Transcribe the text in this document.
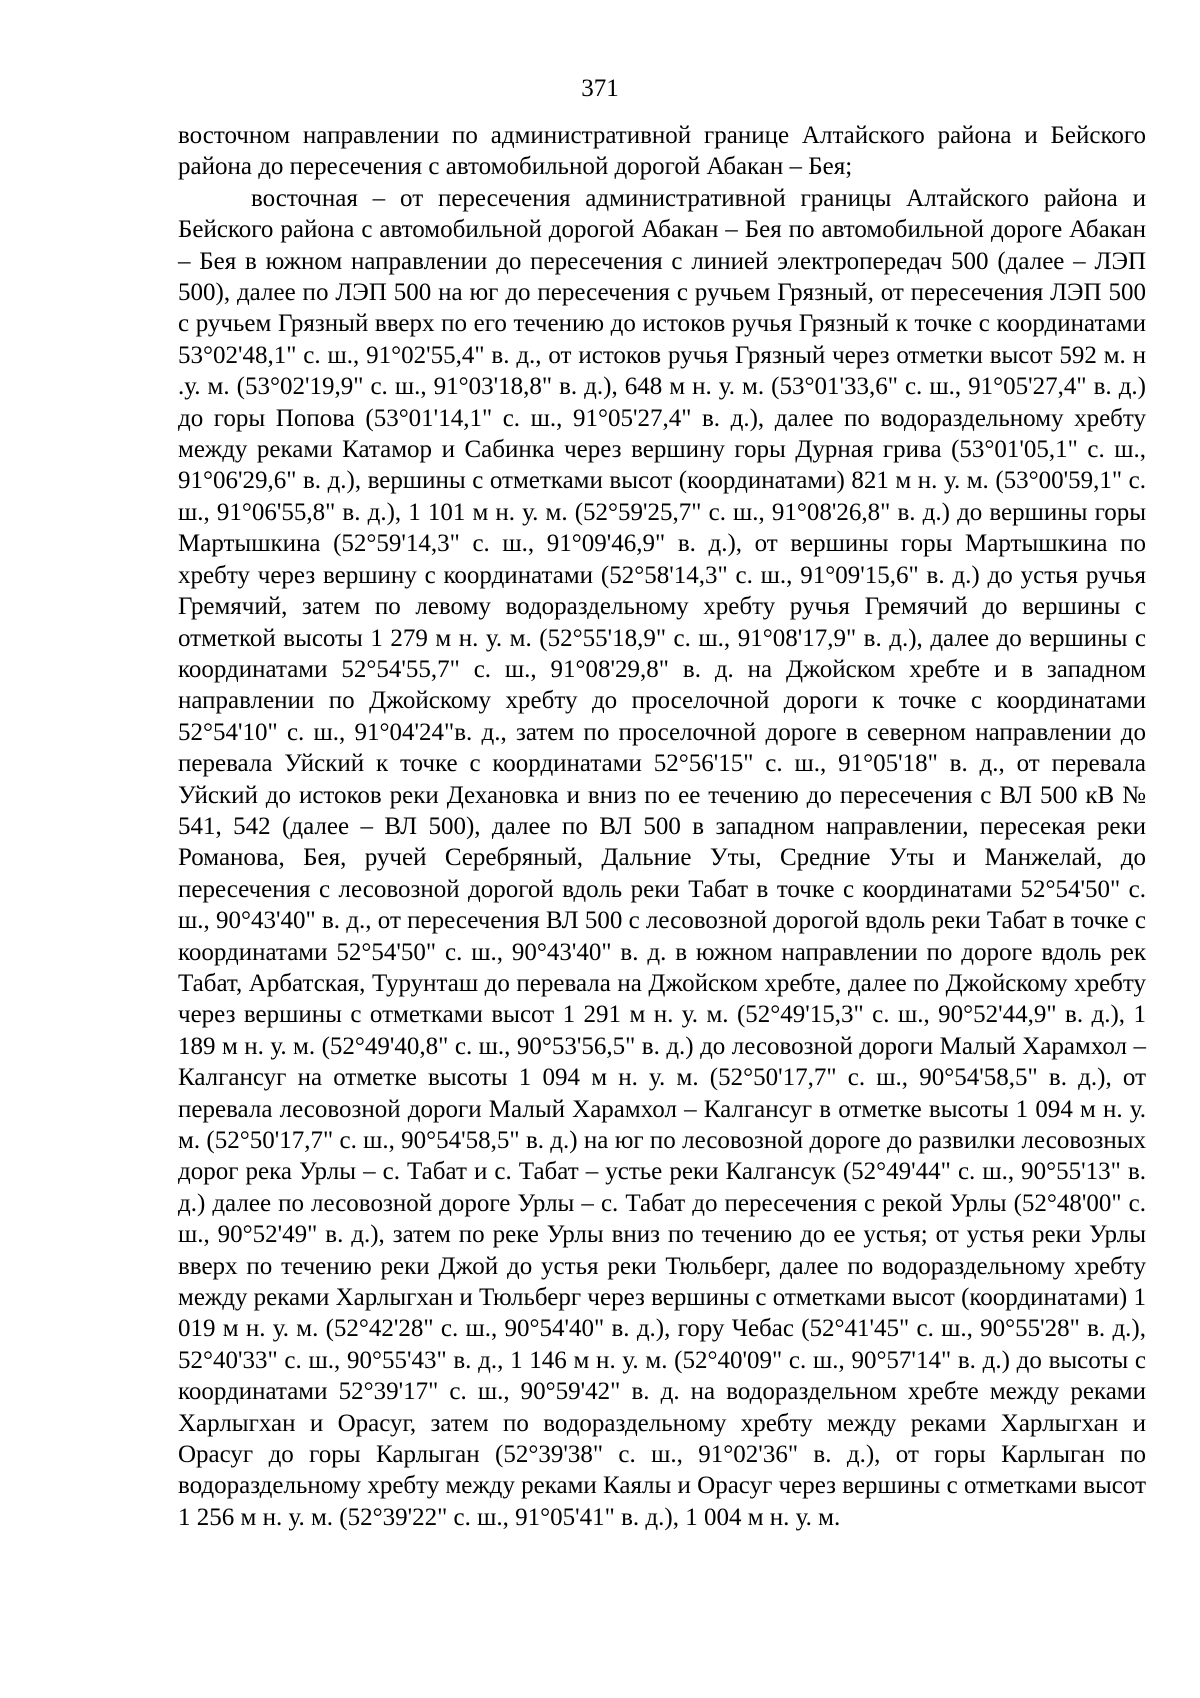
371

восточном направлении по административной границе Алтайского района и Бейского района до пересечения с автомобильной дорогой Абакан – Бея;

восточная – от пересечения административной границы Алтайского района и Бейского района с автомобильной дорогой Абакан – Бея по автомобильной дороге Абакан – Бея в южном направлении до пересечения с линией электропередач 500 (далее – ЛЭП 500), далее по ЛЭП 500 на юг до пересечения с ручьем Грязный, от пересечения ЛЭП 500 с ручьем Грязный вверх по его течению до истоков ручья Грязный к точке с координатами 53°02'48,1" с. ш., 91°02'55,4" в. д., от истоков ручья Грязный через отметки высот 592 м. н .у. м. (53°02'19,9" с. ш., 91°03'18,8" в. д.), 648 м н. у. м. (53°01'33,6" с. ш., 91°05'27,4" в. д.) до горы Попова (53°01'14,1" с. ш., 91°05'27,4" в. д.), далее по водораздельному хребту между реками Катамор и Сабинка через вершину горы Дурная грива (53°01'05,1" с. ш., 91°06'29,6" в. д.), вершины с отметками высот (координатами) 821 м н. у. м. (53°00'59,1" с. ш., 91°06'55,8" в. д.), 1 101 м н. у. м. (52°59'25,7" с. ш., 91°08'26,8" в. д.) до вершины горы Мартышкина (52°59'14,3" с. ш., 91°09'46,9" в. д.), от вершины горы Мартышкина по хребту через вершину с координатами (52°58'14,3" с. ш., 91°09'15,6" в. д.) до устья ручья Гремячий, затем по левому водораздельному хребту ручья Гремячий до вершины с отметкой высоты 1 279 м н. у. м. (52°55'18,9" с. ш., 91°08'17,9" в. д.), далее до вершины с координатами 52°54'55,7" с. ш., 91°08'29,8" в. д. на Джойском хребте и в западном направлении по Джойскому хребту до проселочной дороги к точке с координатами 52°54'10" с. ш., 91°04'24"в. д., затем по проселочной дороге в северном направлении до перевала Уйский к точке с координатами 52°56'15" с. ш., 91°05'18" в. д., от перевала Уйский до истоков реки Дехановка и вниз по ее течению до пересечения с ВЛ 500 кВ № 541, 542 (далее – ВЛ 500), далее по ВЛ 500 в западном направлении, пересекая реки Романова, Бея, ручей Серебряный, Дальние Уты, Средние Уты и Манжелай, до пересечения с лесовозной дорогой вдоль реки Табат в точке с координатами 52°54'50" с. ш., 90°43'40" в. д., от пересечения ВЛ 500 с лесовозной дорогой вдоль реки Табат в точке с координатами 52°54'50" с. ш., 90°43'40" в. д. в южном направлении по дороге вдоль рек Табат, Арбатская, Турунташ до перевала на Джойском хребте, далее по Джойскому хребту через вершины с отметками высот 1 291 м н. у. м. (52°49'15,3" с. ш., 90°52'44,9" в. д.), 1 189 м н. у. м. (52°49'40,8" с. ш., 90°53'56,5" в. д.) до лесовозной дороги Малый Харамхол – Калгансуг на отметке высоты 1 094 м н. у. м. (52°50'17,7" с. ш., 90°54'58,5" в. д.), от перевала лесовозной дороги Малый Харамхол – Калгансуг в отметке высоты 1 094 м н. у. м. (52°50'17,7" с. ш., 90°54'58,5" в. д.) на юг по лесовозной дороге до развилки лесовозных дорог река Урлы – с. Табат и с. Табат – устье реки Калгансук (52°49'44" с. ш., 90°55'13" в. д.) далее по лесовозной дороге Урлы – с. Табат до пересечения с рекой Урлы (52°48'00" с. ш., 90°52'49" в. д.), затем по реке Урлы вниз по течению до ее устья; от устья реки Урлы вверх по течению реки Джой до устья реки Тюльберг, далее по водораздельному хребту между реками Харлыгхан и Тюльберг через вершины с отметками высот (координатами) 1 019 м н. у. м. (52°42'28" с. ш., 90°54'40" в. д.), гору Чебас (52°41'45" с. ш., 90°55'28" в. д.), 52°40'33" с. ш., 90°55'43" в. д., 1 146 м н. у. м. (52°40'09" с. ш., 90°57'14" в. д.) до высоты с координатами 52°39'17" с. ш., 90°59'42" в. д. на водораздельном хребте между реками Харлыгхан и Орасуг, затем по водораздельному хребту между реками Харлыгхан и Орасуг до горы Карлыган (52°39'38" с. ш., 91°02'36" в. д.), от горы Карлыган по водораздельному хребту между реками Каялы и Орасуг через вершины с отметками высот 1 256 м н. у. м. (52°39'22" с. ш., 91°05'41" в. д.), 1 004 м н. у. м.
